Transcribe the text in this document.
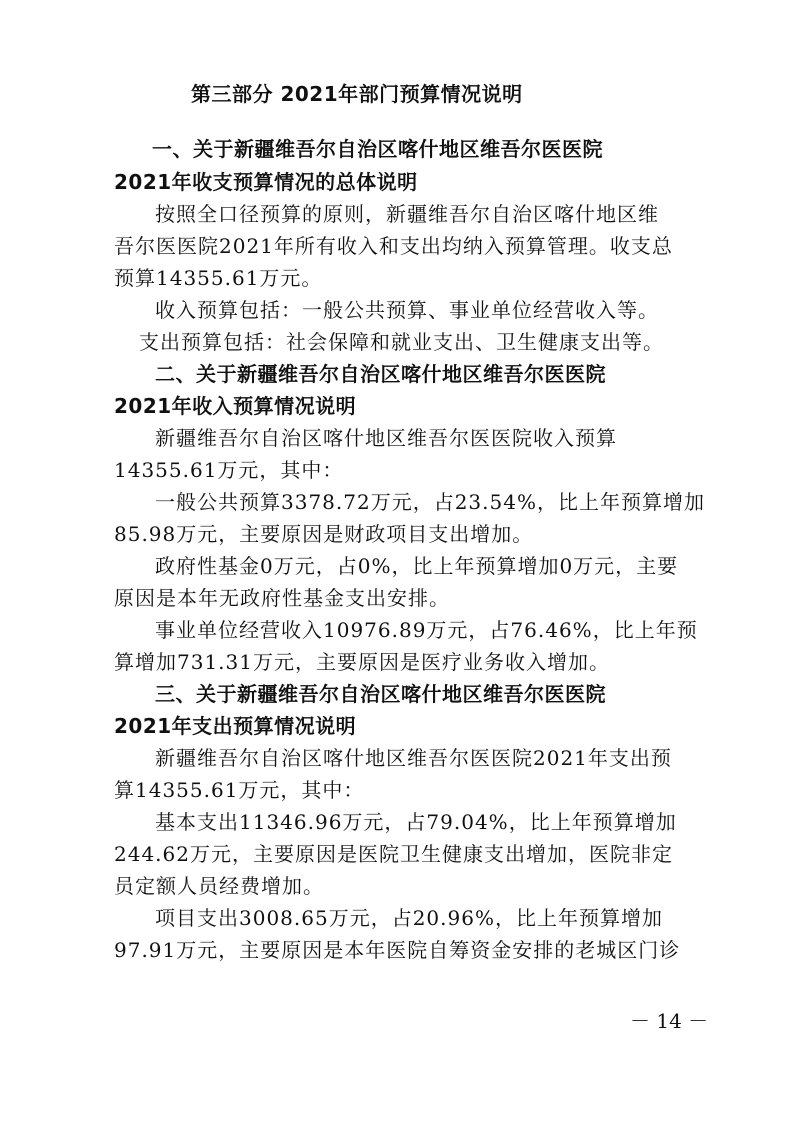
第三部分 2021年部门预算情况说明
一、关于新疆维吾尔自治区喀什地区维吾尔医医院
2021年收支预算情况的总体说明
按照全口径预算的原则，新疆维吾尔自治区喀什地区维
吾尔医医院2021年所有收入和支出均纳入预算管理。收支总
预算14355.61万元。
收入预算包括：一般公共预算、事业单位经营收入等。
支出预算包括：社会保障和就业支出、卫生健康支出等。
二、关于新疆维吾尔自治区喀什地区维吾尔医医院
2021年收入预算情况说明
新疆维吾尔自治区喀什地区维吾尔医医院收入预算
14355.61万元，其中：
一般公共预算3378.72万元，占23.54%，比上年预算增加
85.98万元，主要原因是财政项目支出增加。
政府性基金0万元，占0%，比上年预算增加0万元，主要
原因是本年无政府性基金支出安排。
事业单位经营收入10976.89万元，占76.46%，比上年预
算增加731.31万元，主要原因是医疗业务收入增加。
三、关于新疆维吾尔自治区喀什地区维吾尔医医院
2021年支出预算情况说明
新疆维吾尔自治区喀什地区维吾尔医医院2021年支出预
算14355.61万元，其中：
基本支出11346.96万元，占79.04%，比上年预算增加
244.62万元，主要原因是医院卫生健康支出增加，医院非定
员定额人员经费增加。
项目支出3008.65万元，占20.96%，比上年预算增加
97.91万元，主要原因是本年医院自筹资金安排的老城区门诊
－ 14 －
